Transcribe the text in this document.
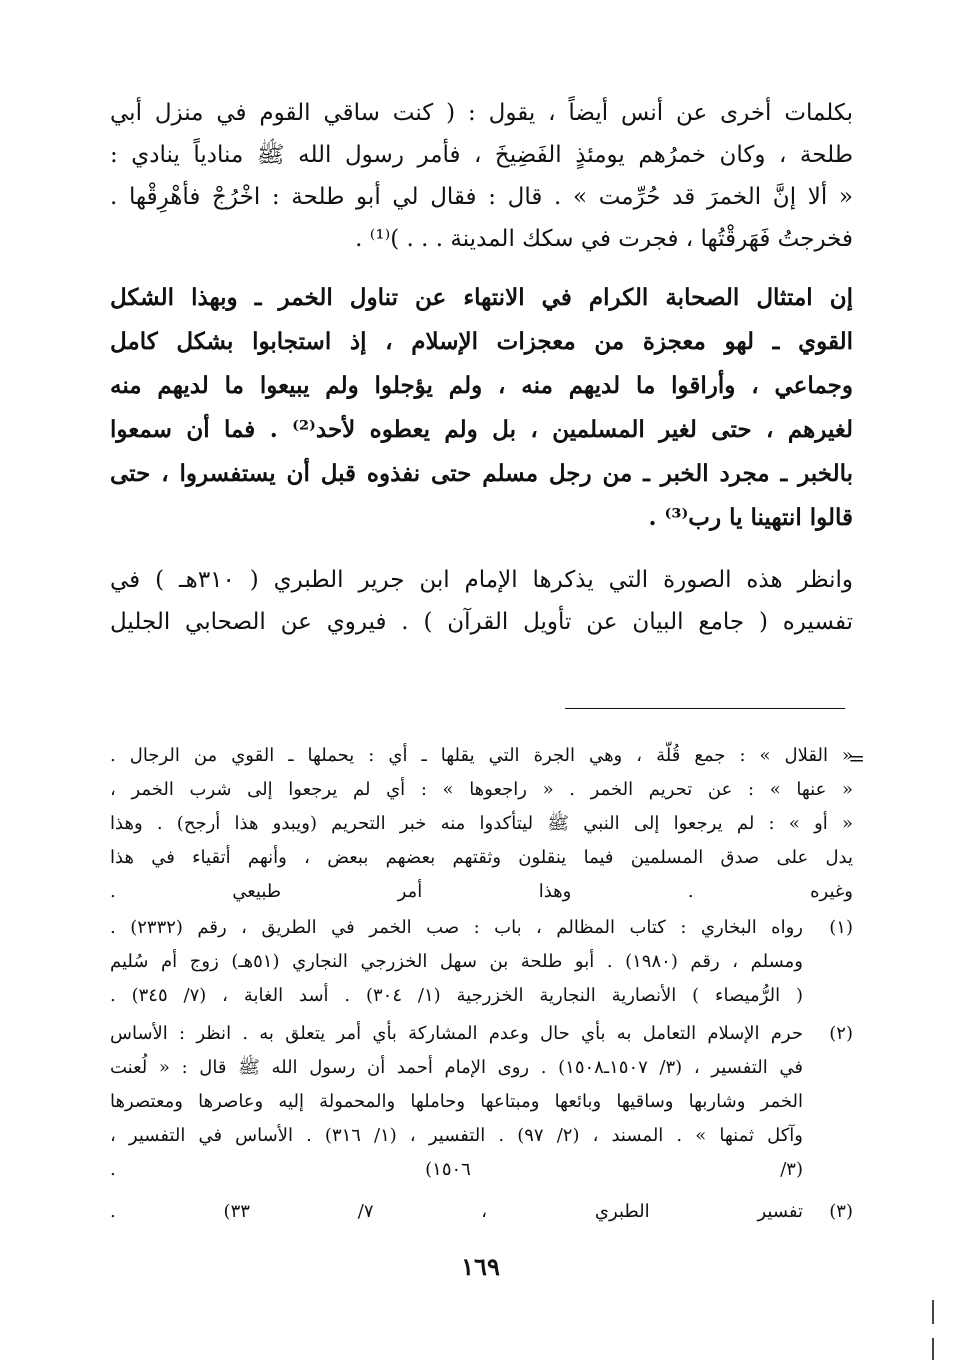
بكلمات أخرى عن أنس أيضاً ، يقول : ( كنت ساقي القوم في منزل أبي
طلحة ، وكان خمرُهم يومئذٍ الفَضِيخَ ، فأمر رسول الله ﷺ منادياً ينادي :
« ألا إنَّ الخمرَ قد حُرِّمت » . قال : فقال لي أبو طلحة : اخْرُجْ فأهْرِقْها .
فخرجتُ فَهَرقْتُها ، فجرت في سكك المدينة . . . )⁽¹⁾ .
إن امتثال الصحابة الكرام في الانتهاء عن تناول الخمر ـ وبهذا الشكل
القوي ـ لهو معجزة من معجزات الإسلام ، إذ استجابوا بشكل كامل
وجماعي ، وأراقوا ما لديهم منه ، ولم يؤجلوا ولم يبيعوا ما لديهم منه
لغيرهم ، حتى لغير المسلمين ، بل ولم يعطوه لأحد⁽²⁾ . فما أن سمعوا
بالخبر ـ مجرد الخبر ـ من رجل مسلم حتى نفذوه قبل أن يستفسروا ، حتى
قالوا انتهينا يا رب⁽³⁾ .
وانظر هذه الصورة التي يذكرها الإمام ابن جرير الطبري ( ٣١٠هـ ) في
تفسيره ( جامع البيان عن تأويل القرآن ) . فيروي عن الصحابي الجليل
=
« القلال » : جمع قُلّة ، وهي الجرة التي يقلها ـ أي : يحملها ـ القوي من الرجال .
« عنها » : عن تحريم الخمر . « راجعوها » : أي لم يرجعوا إلى شرب الخمر ،
« أو » : لم يرجعوا إلى النبي ﷺ ليتأكدوا منه خبر التحريم (ويبدو هذا أرجح) . وهذا
يدل على صدق المسلمين فيما ينقلون وثقتهم بعضهم ببعض ، وأنهم أتقياء في هذا
وغيره . وهذا أمر طبيعي .
(١)
رواه البخاري : كتاب المظالم ، باب : صب الخمر في الطريق ، رقم (٢٣٣٢) .
ومسلم ، رقم (١٩٨٠) . أبو طلحة بن سهل الخزرجي النجاري (٥١هـ) زوج أم سُليم
( الرُّميصاء ) الأنصارية النجارية الخزرجية (١/ ٣٠٤) . أسد الغابة ، (٧/ ٣٤٥) .
(٢)
حرم الإسلام التعامل به بأي حال وعدم المشاركة بأي أمر يتعلق به . انظر : الأساس
في التفسير ، (٣/ ١٥٠٧ـ١٥٠٨) . روى الإمام أحمد أن رسول الله ﷺ قال : « لُعنت
الخمر وشاربها وساقيها وبائعها ومبتاعها وحاملها والمحمولة إليه وعاصرها ومعتصرها
وآكل ثمنها » . المسند ، (٢/ ٩٧) . التفسير ، (١/ ٣١٦) . الأساس في التفسير ،
(٣/ ١٥٠٦) .
(٣)
تفسير الطبري ، ٧/ ٣٣) .
١٦٩
